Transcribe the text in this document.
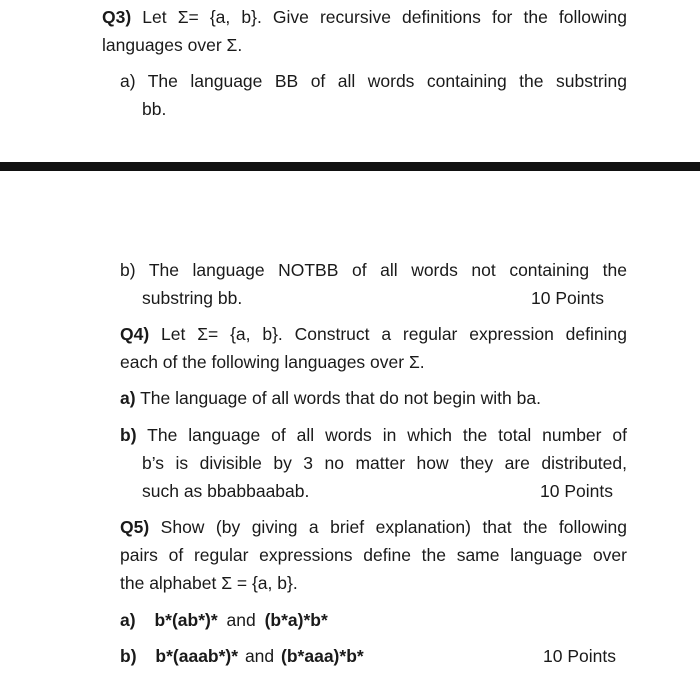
Q3) Let Σ= {a, b}. Give recursive definitions for the following
languages over Σ.
a) The language BB of all words containing the substring
bb.
b) The language NOTBB of all words not containing the
substring bb.	10 Points
Q4) Let Σ= {a, b}. Construct a regular expression defining
each of the following languages over Σ.
a) The language of all words that do not begin with ba.
b) The language of all words in which the total number of
b’s is divisible by 3 no matter how they are distributed,
such as bbabbaabab.	10 Points
Q5) Show (by giving a brief explanation) that the following
pairs of regular expressions define the same language over
the alphabet Σ = {a, b}.
a) b*(ab*)* and (b*a)*b*
b) b*(aaab*)* and (b*aaa)*b*	10 Points
